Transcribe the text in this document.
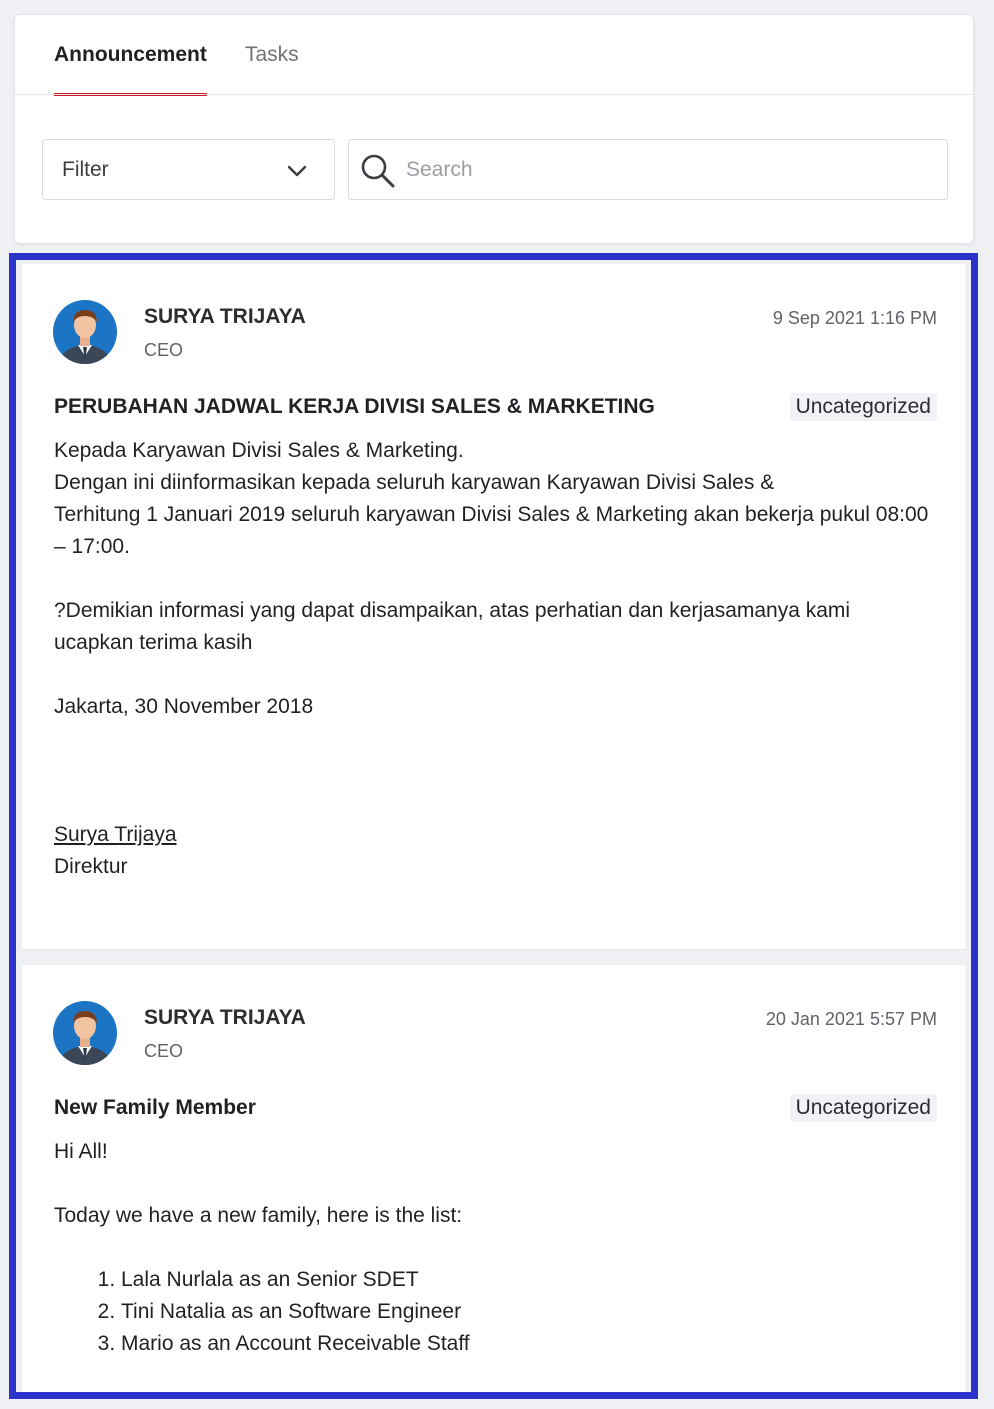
Announcement Tasks
Filter
Search
SURYA TRIJAYA
CEO
9 Sep 2021 1:16 PM
PERUBAHAN JADWAL KERJA DIVISI SALES & MARKETING	Uncategorized

Kepada Karyawan Divisi Sales & Marketing.

Dengan ini diinformasikan kepada seluruh karyawan Karyawan Divisi Sales &

Terhitung 1 Januari 2019 seluruh karyawan Divisi Sales & Marketing akan bekerja pukul 08:00 – 17:00.

?Demikian informasi yang dapat disampaikan, atas perhatian dan kerjasamanya kami ucapkan terima kasih

Jakarta, 30 November 2018

Surya Trijaya

Direktur

SURYA TRIJAYA
CEO
20 Jan 2021 5:57 PM
New Family Member	Uncategorized

Hi All!

Today we have a new family, here is the list:

1. Lala Nurlala as an Senior SDET
2. Tini Natalia as an Software Engineer
3. Mario as an Account Receivable Staff
